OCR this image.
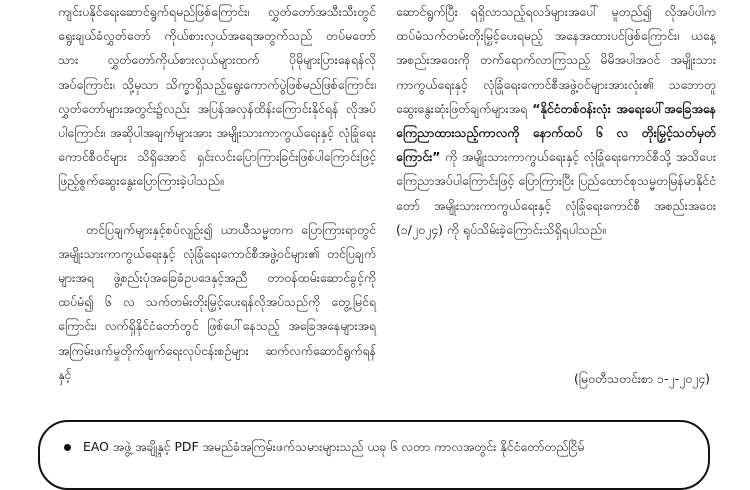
ကျင်းပနိုင်ရေးဆောင်ရွက်ရမည်ဖြစ်ကြောင်း၊ လွှတ်တော်အသီးသီးတွင် ရွေးချယ်ခံလွှတ်တော် ကိုယ်စားလှယ်အရေအတွက်သည် တပ်မတော်သား လွှတ်တော်ကိုယ်စားလှယ်များထက် ပိုမိုများပြားနေရန်လိုအပ်ကြောင်း၊ သို့မှသာ သိက္ခာရှိသည့်ရွေးကောက်ပွဲဖြစ်မည်ဖြစ်ကြောင်း၊ လွှတ်တော်များအတွင်း၌လည်း အပြန်အလှန်ထိန်းကြောင်းနိုင်ရန် လိုအပ်ပါကြောင်း၊ အဆိုပါအချက်များအား အမျိုးသားကာကွယ်ရေးနှင့် လုံခြုံရေးကောင်စီဝင်များ သိရှိအောင် ရှင်းလင်းပြောကြားခြင်းဖြစ်ပါကြောင်းဖြင့် ဖြည့်စွက်ဆွေးနွေးပြောကြားခဲ့ပါသည်။

တင်ပြချက်များနှင့်စပ်လျဉ်း၍ ယာယီသမ္မတက ပြောကြားရာတွင် အမျိုးသားကာကွယ်ရေးနှင့် လုံခြုံရေးကောင်စီအဖွဲ့ဝင်များ၏ တင်ပြချက်များအရ ဖွဲ့စည်းပုံအခြေခံဥပဒေနှင့်အညီ တာဝန်ထမ်းဆောင်ခွင့်ကို ထပ်မံ၍ ၆ လ သက်တမ်းတိုးမြှင့်ပေးရန်လိုအပ်သည်ကို တွေ့မြင်ရကြောင်း၊ လက်ရှိနိုင်ငံတော်တွင် ဖြစ်ပေါ်နေသည့် အခြေအနေများအရ အကြမ်းဖက်မှုတိုက်ဖျက်ရေးလုပ်ငန်းစဉ်များ ဆက်လက်ဆောင်ရွက်ရန်နှင့်

ဆောင်ရွက်ပြီး ရရှိလာသည့်ရလဒ်များအပေါ် မူတည်၍ လိုအပ်ပါက ထပ်မံသက်တမ်းတိုးမြှင့်ပေးရမည့် အနေအထားပင်ဖြစ်ကြောင်း၊ ယနေ့အစည်းအဝေးကို တက်ရောက်လာကြသည့် မိမိအပါအဝင် အမျိုးသားကာကွယ်ရေးနှင့် လုံခြုံရေးကောင်စီအဖွဲ့ဝင်များအားလုံး၏ သဘောတူဆွေးနွေးဆုံးဖြတ်ချက်များအရ “နိုင်ငံတစ်ဝန်းလုံး အရေးပေါ်အခြေအနေ ကြေညာထားသည့်ကာလကို နောက်ထပ် ၆ လ တိုးမြှင့်သတ်မှတ်ကြောင်း” ကို အမျိုးသားကာကွယ်ရေးနှင့် လုံခြုံရေးကောင်စီသို့ အသိပေးကြေညာအပ်ပါကြောင်းဖြင့် ပြောကြားပြီး ပြည်ထောင်စုသမ္မတမြန်မာနိုင်ငံတော် အမျိုးသားကာကွယ်ရေးနှင့် လုံခြုံရေးကောင်စီ အစည်းအဝေး (၁/၂၀၂၄) ကို ရုပ်သိမ်းခဲ့ကြောင်းသိရှိရပါသည်။

(မြဝတီသတင်းစာ ၁-၂-၂၀၂၄)
EAO အဖွဲ့ အချို့နှင့် PDF အမည်ခံအကြမ်းဖက်သမားများသည် ယခု ၆ လတာ ကာလအတွင်း နိုင်ငံတော်တည်ငြိမ်
